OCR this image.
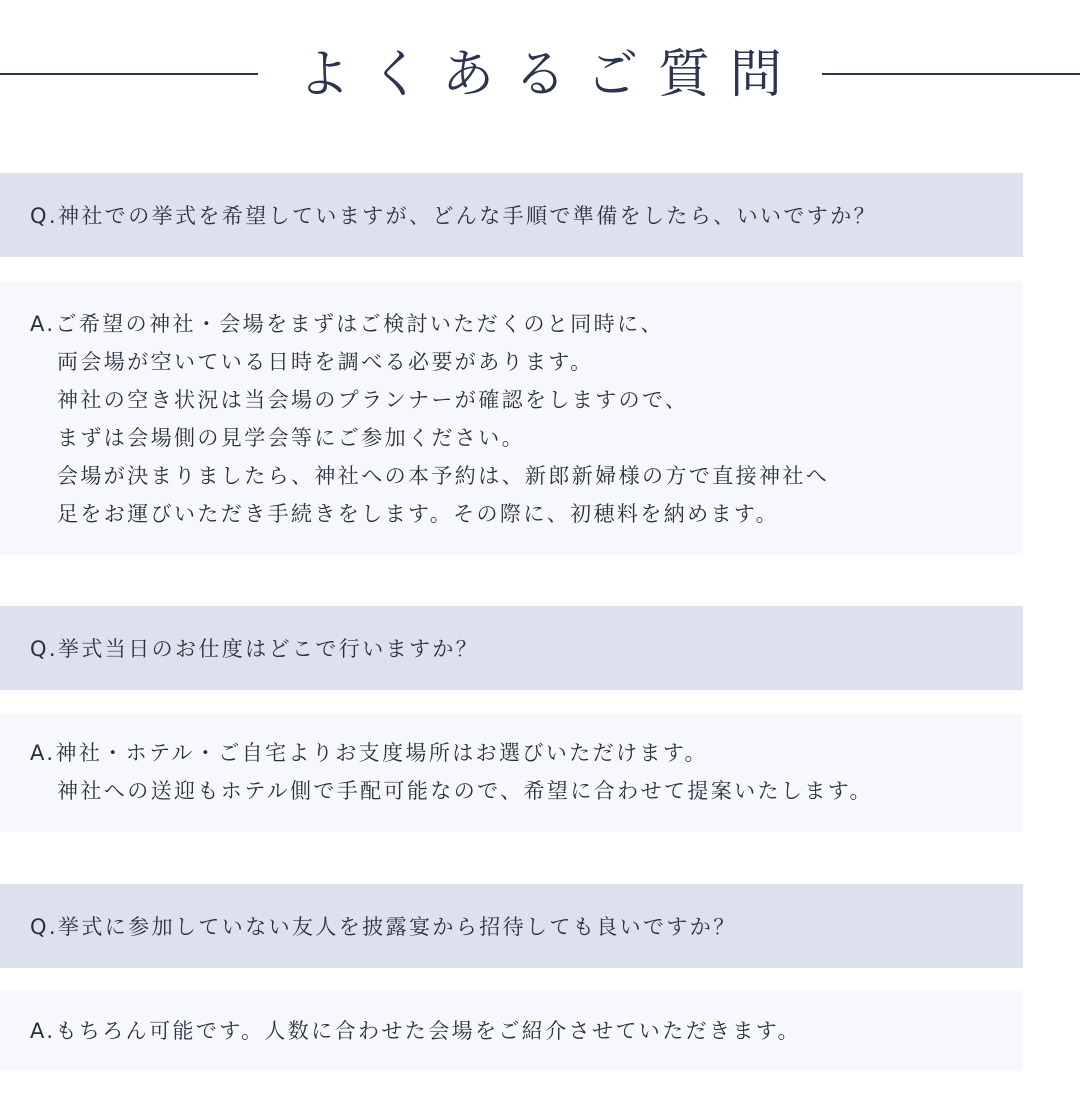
よくあるご質問
Q.神社での挙式を希望していますが、どんな手順で準備をしたら、いいですか？
A.ご希望の神社・会場をまずはご検討いただくのと同時に、
両会場が空いている日時を調べる必要があります。
神社の空き状況は当会場のプランナーが確認をしますので、
まずは会場側の見学会等にご参加ください。
会場が決まりましたら、神社への本予約は、新郎新婦様の方で直接神社へ
足をお運びいただき手続きをします。その際に、初穂料を納めます。
Q.挙式当日のお仕度はどこで行いますか？
A.神社・ホテル・ご自宅よりお支度場所はお選びいただけます。
神社への送迎もホテル側で手配可能なので、希望に合わせて提案いたします。
Q.挙式に参加していない友人を披露宴から招待しても良いですか？
A.もちろん可能です。人数に合わせた会場をご紹介させていただきます。
